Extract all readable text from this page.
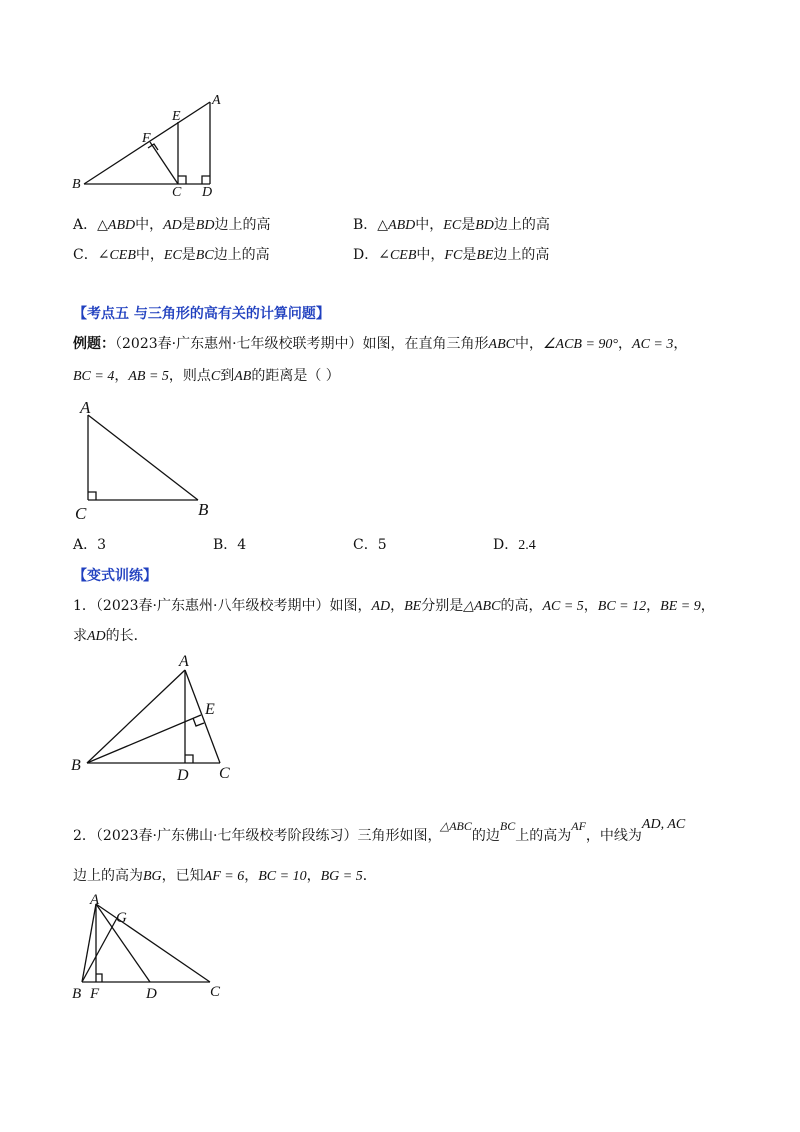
A
B
C D
E
F
A．△ABD中，AD是BD边上的高	B．△ABD中，EC是BD边上的高
C．∠CEB中，EC是BC边上的高	D．∠CEB中，FC是BE边上的高
【考点五 与三角形的高有关的计算问题】
例题：（2023春·广东惠州·七年级校联考期中）如图，在直角三角形ABC中，∠ACB = 90°，AC = 3，
BC = 4，AB = 5，则点C到AB的距离是（ ）
A
B
C
A．3	B．4	C．5	D．2.4
【变式训练】
1．（2023春·广东惠州·八年级校考期中）如图，AD，BE分别是△ABC的高，AC = 5，BC = 12，BE = 9，
求AD的长．
A
B	C
D
E
2．（2023春·广东佛山·七年级校考阶段练习）三角形如图，
△ABC的边BC上的高为AF，中线为AD, AC
边上的高为BG，已知AF = 6，BC = 10，BG = 5．
A
G
B F	D	C
